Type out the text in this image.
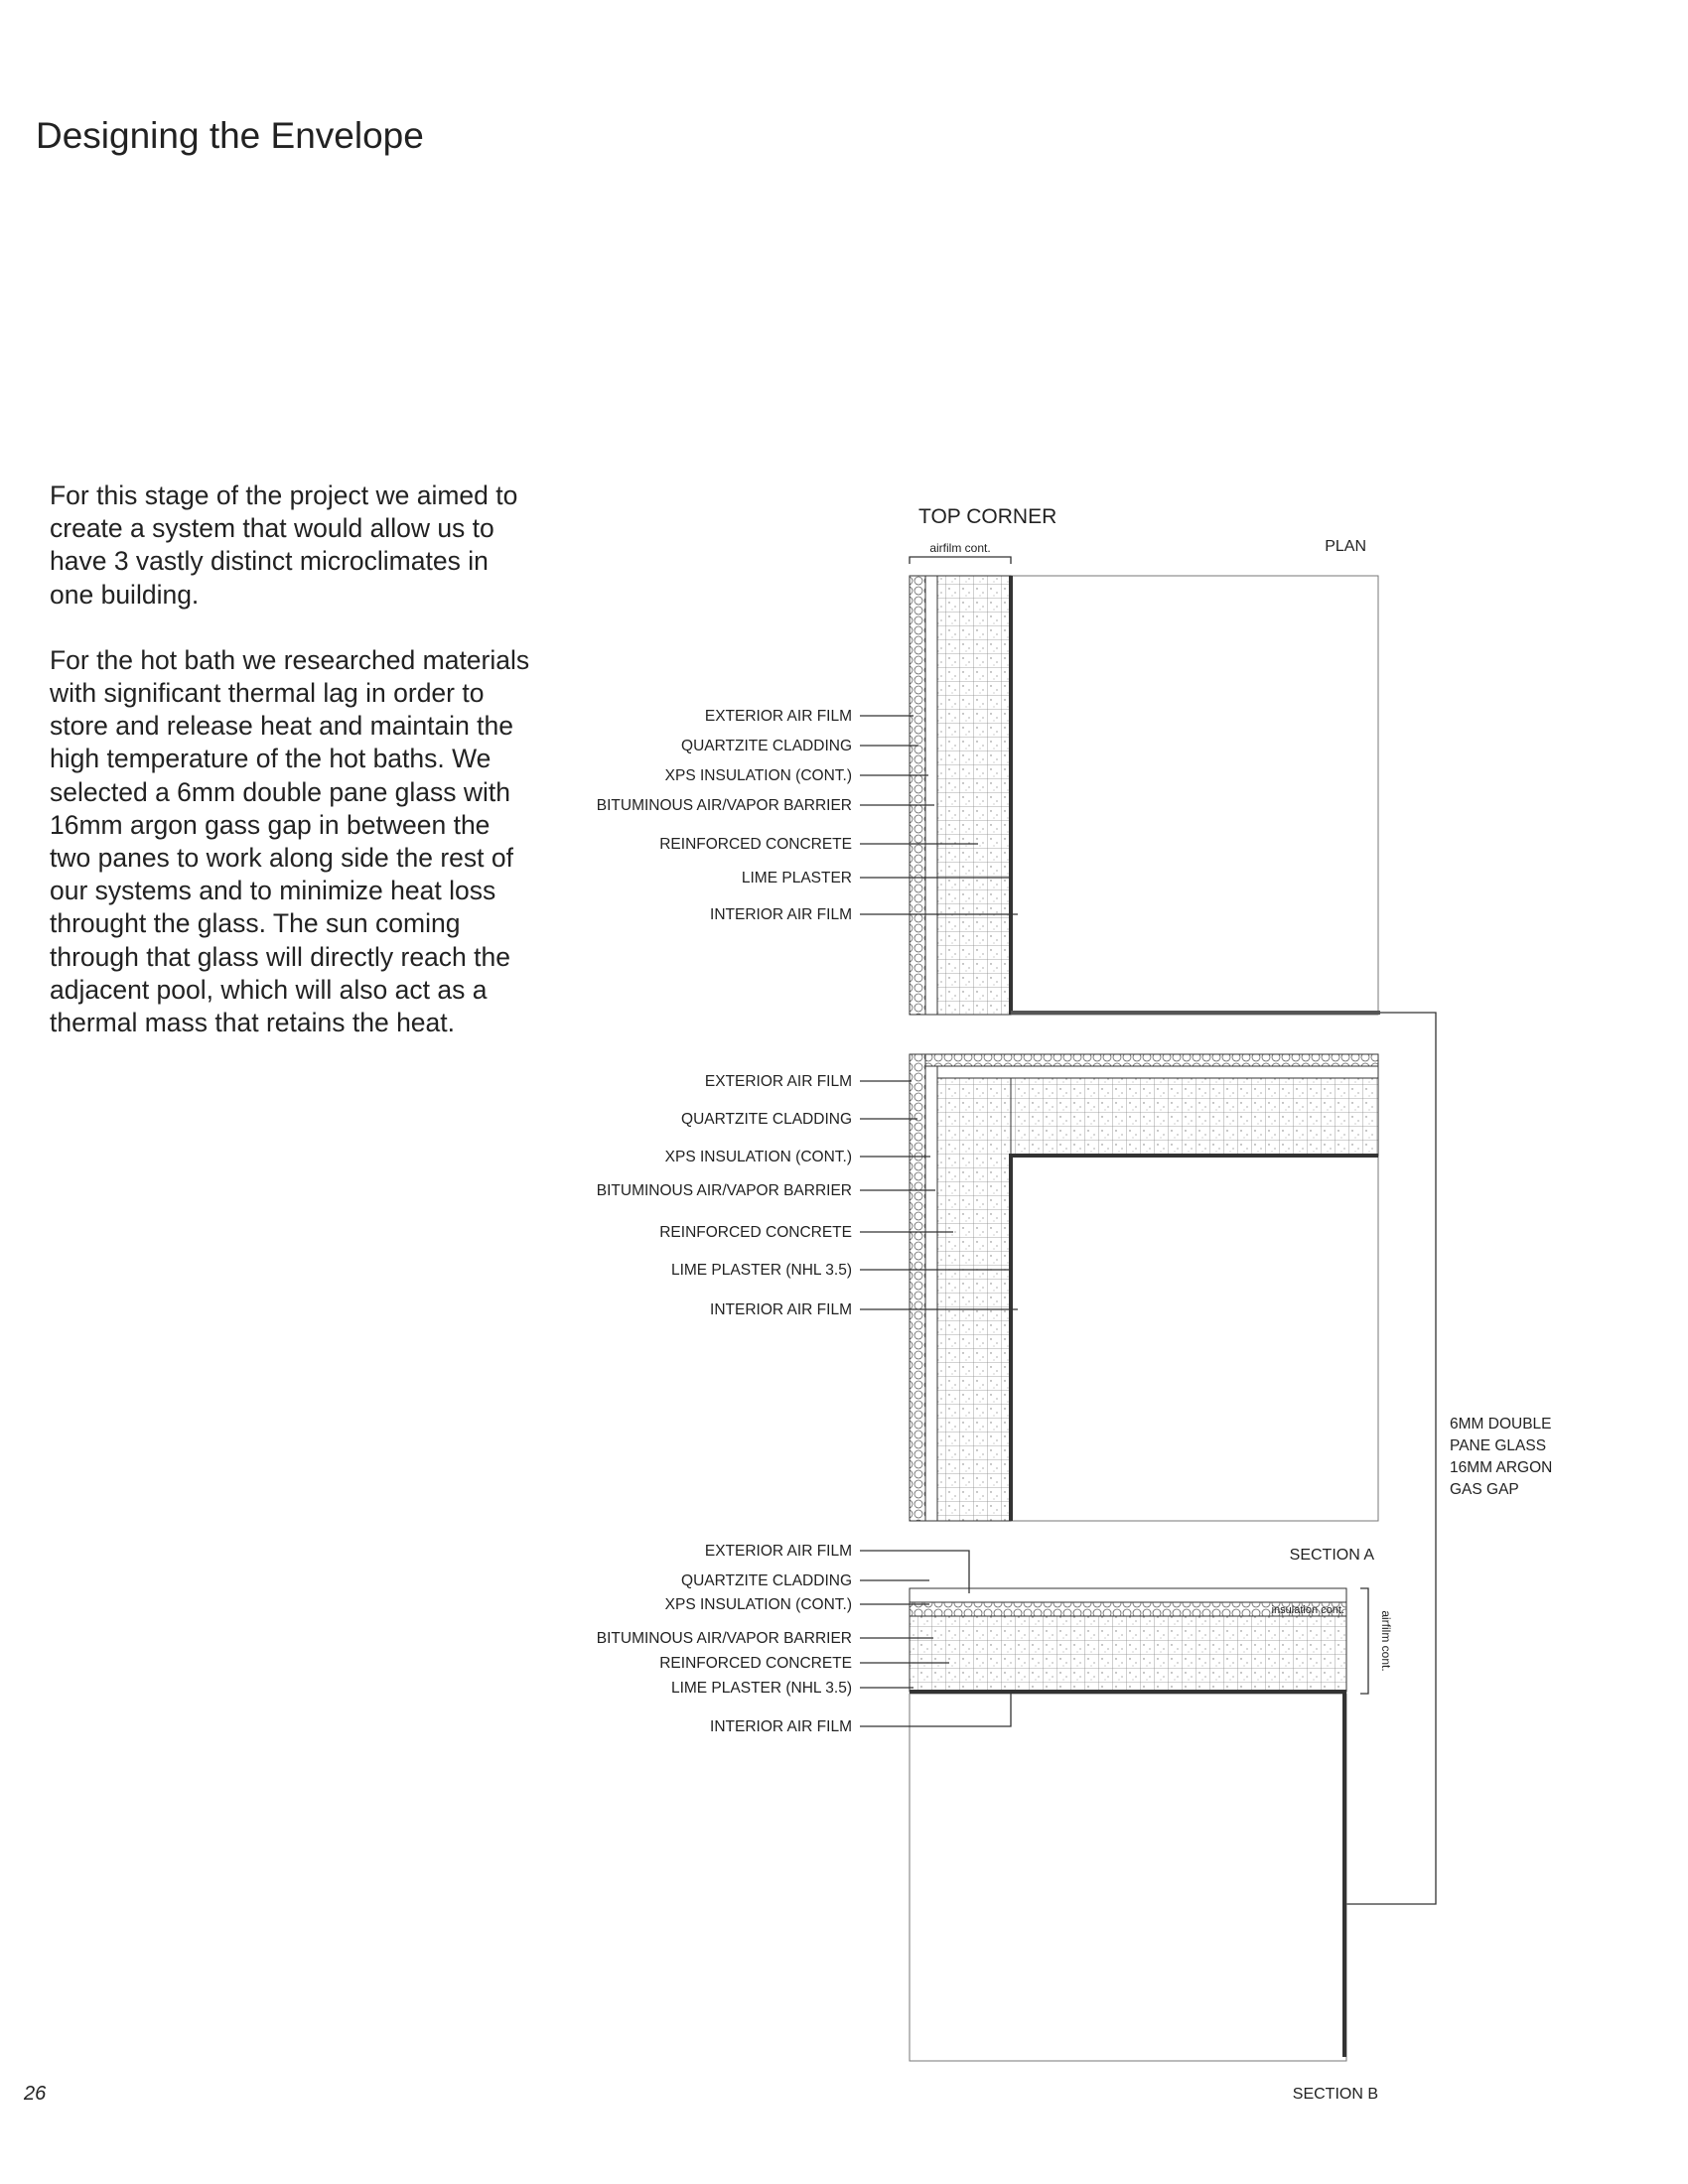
Designing the Envelope

For this stage of the project we aimed to create a system that would allow us to have 3 vastly distinct microclimates in one building.

For the hot bath we researched materials with significant thermal lag in order to store and release heat and maintain the high temperature of the hot baths. We selected a 6mm double pane glass with 16mm argon gass gap in between the two panes to work along side the rest of our systems and to minimize heat loss throught the glass. The sun coming through that glass will directly reach the adjacent pool, which will also act as a thermal mass that retains the heat.

26
TOP CORNER
airfilm cont.	PLAN
EXTERIOR AIR FILM
QUARTZITE CLADDING
XPS INSULATION (CONT.)
BITUMINOUS AIR/VAPOR BARRIER
REINFORCED CONCRETE
LIME PLASTER
INTERIOR AIR FILM
EXTERIOR AIR FILM
QUARTZITE CLADDING
XPS INSULATION (CONT.)
BITUMINOUS AIR/VAPOR BARRIER
REINFORCED CONCRETE
LIME PLASTER (NHL 3.5)
INTERIOR AIR FILM
SECTION A
insulation cont.
airfilm cont.
EXTERIOR AIR FILM
QUARTZITE CLADDING
XPS INSULATION (CONT.)
BITUMINOUS AIR/VAPOR BARRIER
REINFORCED CONCRETE
LIME PLASTER (NHL 3.5)
INTERIOR AIR FILM
SECTION B
6MM DOUBLE
PANE GLASS
16MM ARGON
GAS GAP
